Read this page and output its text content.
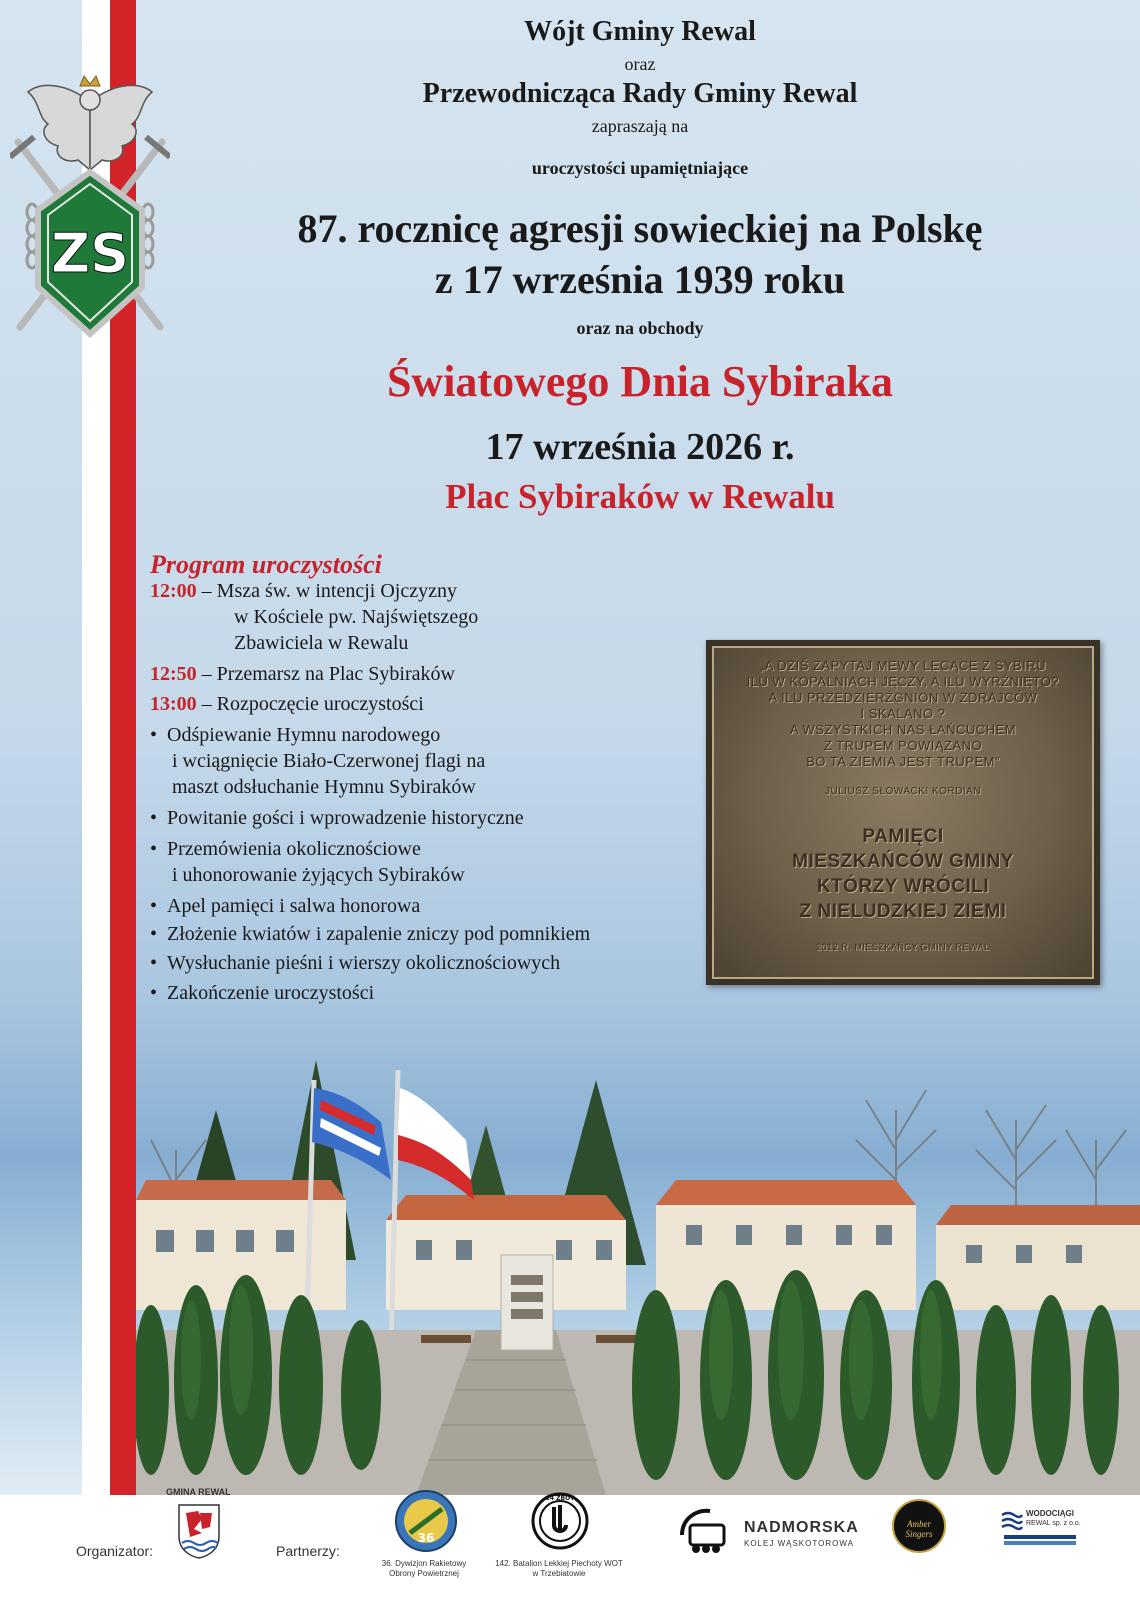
ZS
Wójt Gminy Rewal
oraz
Przewodnicząca Rady Gminy Rewal
zapraszają na
uroczystości upamiętniające
87. rocznicę agresji sowieckiej na Polskę
z 17 września 1939 roku
oraz na obchody
Światowego Dnia Sybiraka
17 września 2026 r.
Plac Sybiraków w Rewalu
Program uroczystości
12:00 – Msza św. w intencji Ojczyzny
w Kościele pw. Najświętszego
Zbawiciela w Rewalu
12:50 – Przemarsz na Plac Sybiraków
13:00 – Rozpoczęcie uroczystości
•  Odśpiewanie Hymnu narodowego
i wciągnięcie Biało-Czerwonej flagi na
maszt odsłuchanie Hymnu Sybiraków
•  Powitanie gości i wprowadzenie historyczne
•  Przemówienia okolicznościowe
i uhonorowanie żyjących Sybiraków
•  Apel pamięci i salwa honorowa
•  Złożenie kwiatów i zapalenie zniczy pod pomnikiem
•  Wysłuchanie pieśni i wierszy okolicznościowych
•  Zakończenie uroczystości
„A DZIŚ ZAPYTAJ MEWY LECĄCE Z SYBIRU
ILU W KOPALNIACH JĘCZY, A ILU WYRŻNIĘTO?
A ILU PRZEDZIERŻGNION W ZDRAJCÓW
I SKALANO ?
A WSZYSTKICH NAS ŁAŃCUCHEM
Z TRUPEM POWIĄZANO
BO TA ZIEMIA JEST TRUPEM”
JULIUSZ SŁOWACKI KORDIAN
PAMIĘCI
MIESZKAŃCÓW GMINY
KTÓRZY WRÓCILI
Z NIELUDZKIEJ ZIEMI
2012 R. MIESZKAŃCY GMINY REWAL
Organizator:
GMINA REWAL
Partnerzy:
36
36. Dywizjon Rakietowy
Obrony Powietrznej
14 ZBOT
142. Batalion Lekkiej Piechoty WOT
w Trzebiatowie
NADMORSKA
KOLEJ WĄSKOTOROWA
Amber Singers
WODOCIĄGI
REWAL sp. z o.o.
